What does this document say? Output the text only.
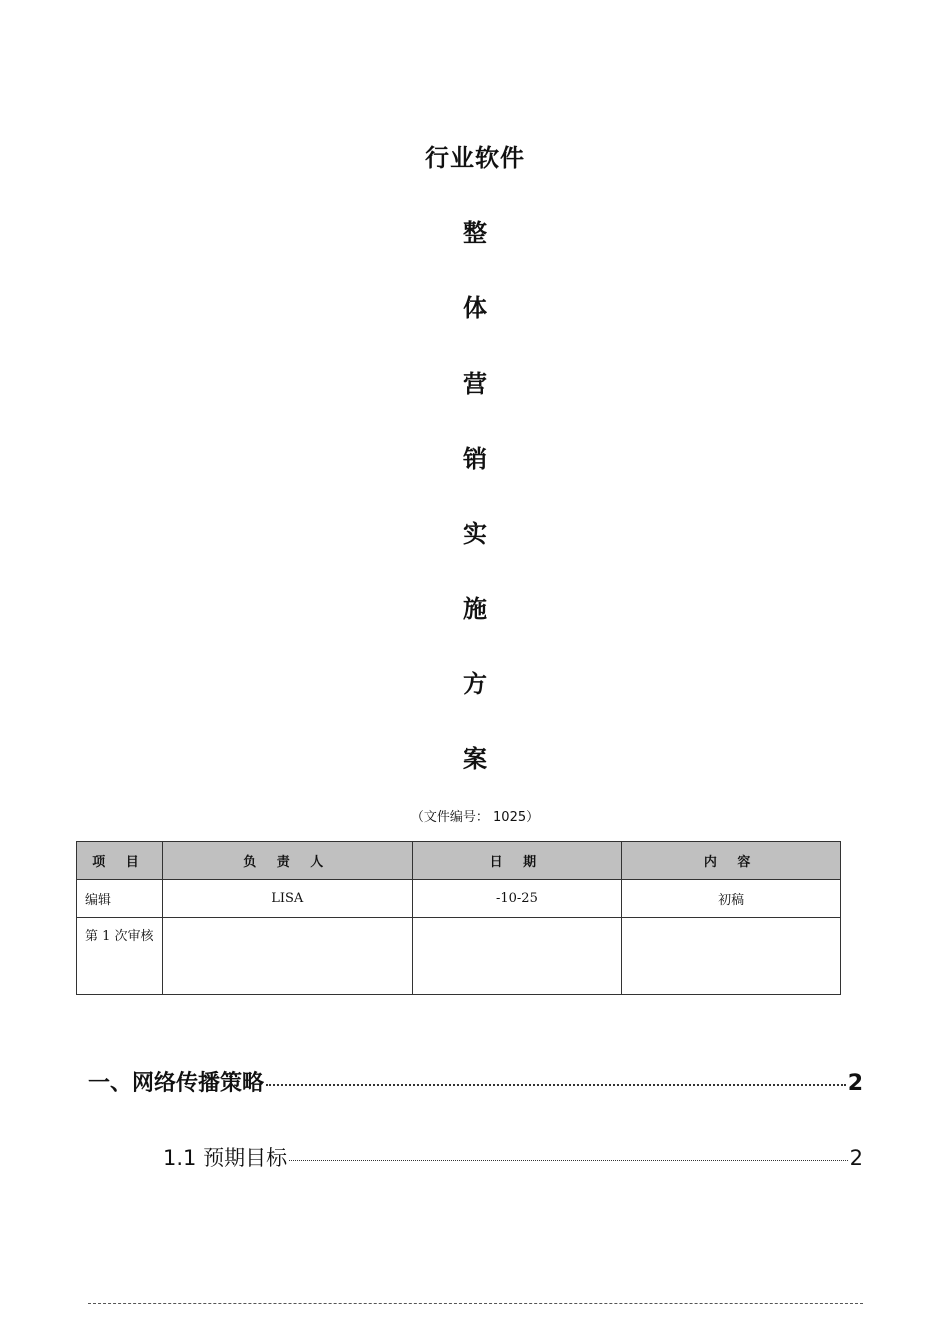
行业软件
整
体
营
销
实
施
方
案
（文件编号： 1025）
项 目	负 责 人	日 期	内 容
编辑	LISA	-10-25	初稿
第 1 次审核			
一、网络传播策略	2
1.1 预期目标	2
